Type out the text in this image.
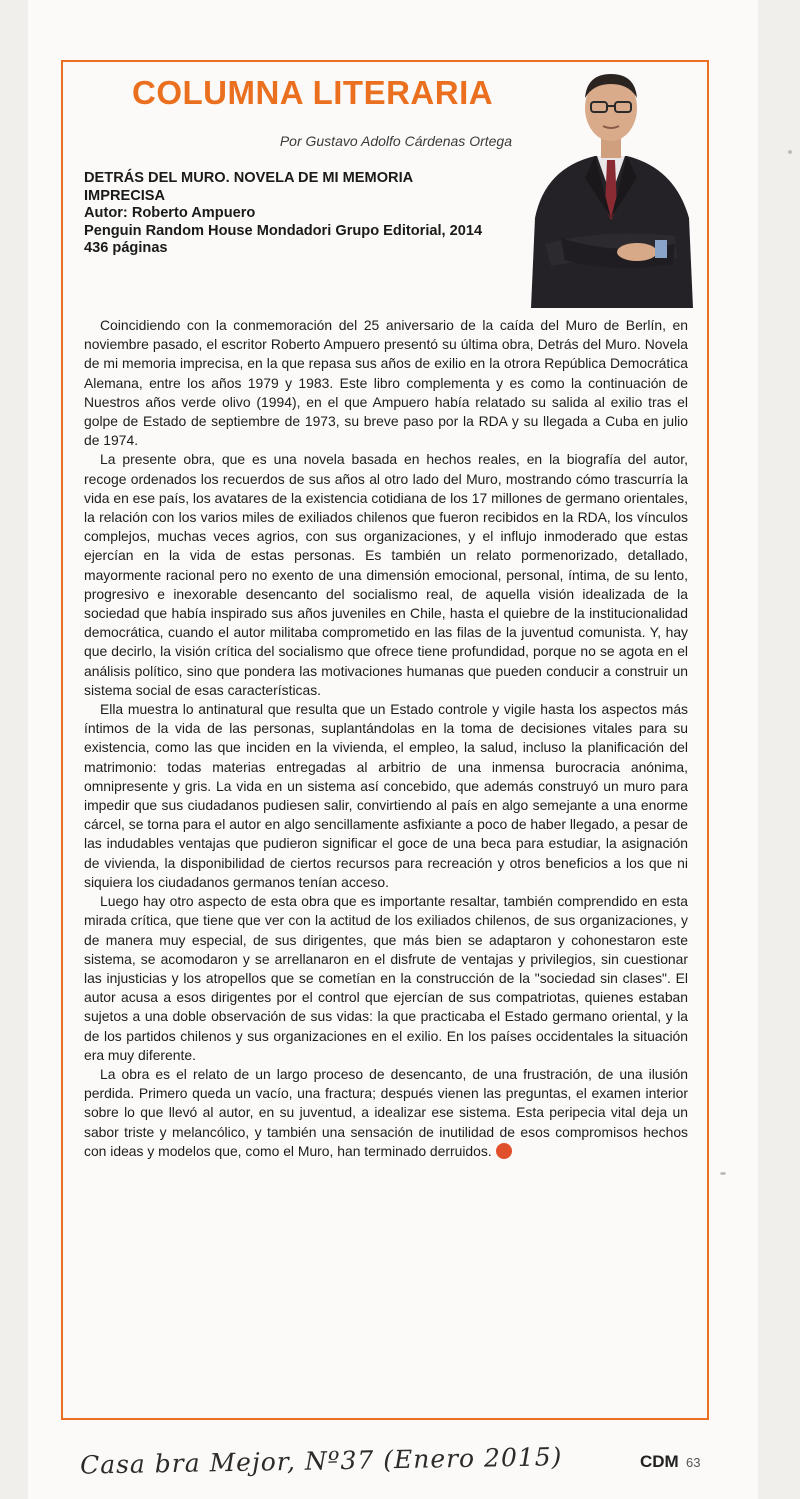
COLUMNA LITERARIA
Por Gustavo Adolfo Cárdenas Ortega
DETRÁS DEL MURO. NOVELA DE MI MEMORIA IMPRECISA
Autor: Roberto Ampuero
Penguin Random House Mondadori Grupo Editorial, 2014
436 páginas

Coincidiendo con la conmemoración del 25 aniversario de la caída del Muro de Berlín, en noviembre pasado, el escritor Roberto Ampuero presentó su última obra, Detrás del Muro. Novela de mi memoria imprecisa, en la que repasa sus años de exilio en la otrora República Democrática Alemana, entre los años 1979 y 1983. Este libro complementa y es como la continuación de Nuestros años verde olivo (1994), en el que Ampuero había relatado su salida al exilio tras el golpe de Estado de septiembre de 1973, su breve paso por la RDA y su llegada a Cuba en julio de 1974.

La presente obra, que es una novela basada en hechos reales, en la biografía del autor, recoge ordenados los recuerdos de sus años al otro lado del Muro, mostrando cómo trascurría la vida en ese país, los avatares de la existencia cotidiana de los 17 millones de germano orientales, la relación con los varios miles de exiliados chilenos que fueron recibidos en la RDA, los vínculos complejos, muchas veces agrios, con sus organizaciones, y el influjo inmoderado que estas ejercían en la vida de estas personas. Es también un relato pormenorizado, detallado, mayormente racional pero no exento de una dimensión emocional, personal, íntima, de su lento, progresivo e inexorable desencanto del socialismo real, de aquella visión idealizada de la sociedad que había inspirado sus años juveniles en Chile, hasta el quiebre de la institucionalidad democrática, cuando el autor militaba comprometido en las filas de la juventud comunista. Y, hay que decirlo, la visión crítica del socialismo que ofrece tiene profundidad, porque no se agota en el análisis político, sino que pondera las motivaciones humanas que pueden conducir a construir un sistema social de esas características.

Ella muestra lo antinatural que resulta que un Estado controle y vigile hasta los aspectos más íntimos de la vida de las personas, suplantándolas en la toma de decisiones vitales para su existencia, como las que inciden en la vivienda, el empleo, la salud, incluso la planificación del matrimonio: todas materias entregadas al arbitrio de una inmensa burocracia anónima, omnipresente y gris. La vida en un sistema así concebido, que además construyó un muro para impedir que sus ciudadanos pudiesen salir, convirtiendo al país en algo semejante a una enorme cárcel, se torna para el autor en algo sencillamente asfixiante a poco de haber llegado, a pesar de las indudables ventajas que pudieron significar el goce de una beca para estudiar, la asignación de vivienda, la disponibilidad de ciertos recursos para recreación y otros beneficios a los que ni siquiera los ciudadanos germanos tenían acceso.

Luego hay otro aspecto de esta obra que es importante resaltar, también comprendido en esta mirada crítica, que tiene que ver con la actitud de los exiliados chilenos, de sus organizaciones, y de manera muy especial, de sus dirigentes, que más bien se adaptaron y cohonestaron este sistema, se acomodaron y se arrellanaron en el disfrute de ventajas y privilegios, sin cuestionar las injusticias y los atropellos que se cometían en la construcción de la "sociedad sin clases". El autor acusa a esos dirigentes por el control que ejercían de sus compatriotas, quienes estaban sujetos a una doble observación de sus vidas: la que practicaba el Estado germano oriental, y la de los partidos chilenos y sus organizaciones en el exilio. En los países occidentales la situación era muy diferente.

La obra es el relato de un largo proceso de desencanto, de una frustración, de una ilusión perdida. Primero queda un vacío, una fractura; después vienen las preguntas, el examen interior sobre lo que llevó al autor, en su juventud, a idealizar ese sistema. Esta peripecia vital deja un sabor triste y melancólico, y también una sensación de inutilidad de esos compromisos hechos con ideas y modelos que, como el Muro, han terminado derruidos.

Casa bra Mejor, Nº37 (Enero 2015)	CDM 63
